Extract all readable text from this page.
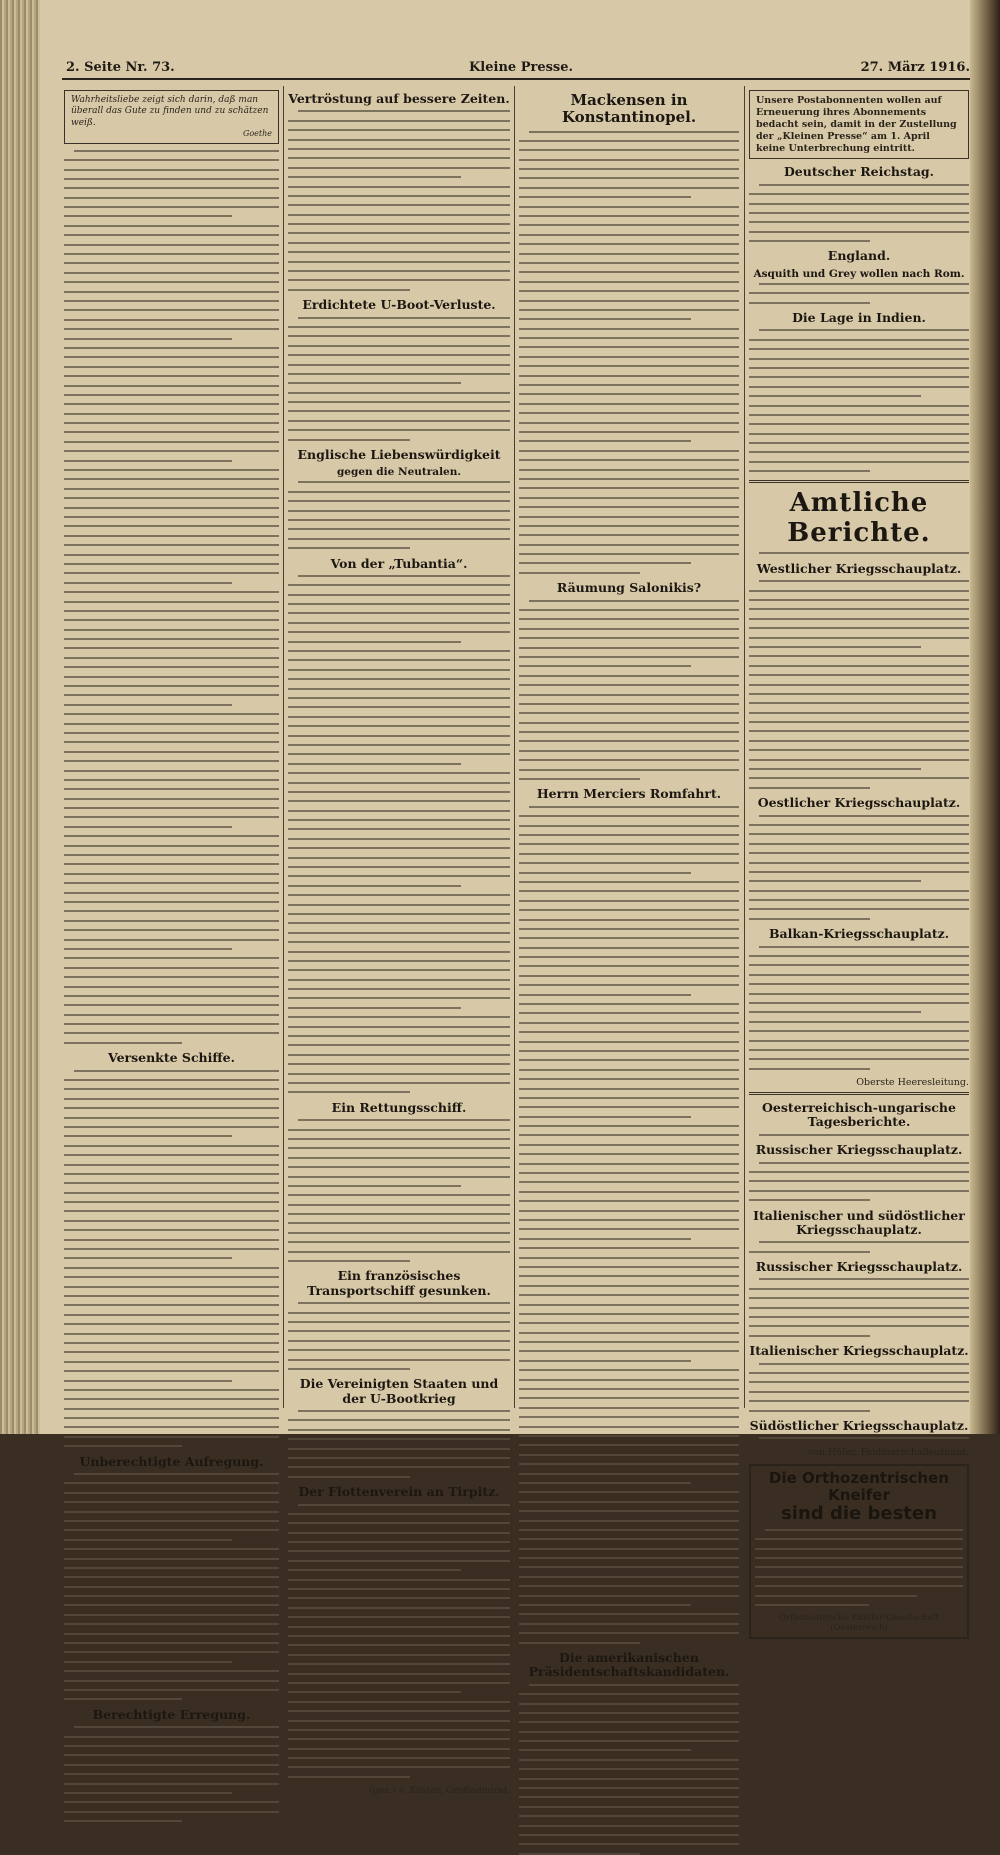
2. Seite Nr. 73.	Kleine Presse.	27. März 1916.
Wahrheitsliebe zeigt sich darin, daß man überall das Gute zu finden und zu schätzen weiß.
Goethe
Versenkte Schiffe.
Unberechtigte Aufregung.
Berechtigte Erregung.
Vertröstung auf bessere Zeiten.
Erdichtete U-Boot-Verluste.
Englische Liebenswürdigkeit
gegen die Neutralen.
Von der „Tubantia“.
Ein Rettungsschiff.
Ein französisches Transportschiff gesunken.
Die Vereinigten Staaten und der U-Bootkrieg
Der Flottenverein an Tirpitz.
(gez.) v. Köster, Großadmiral.
Mackensen in Konstantinopel.
Räumung Salonikis?
Herrn Merciers Romfahrt.
Die amerikanischen Präsidentschaftskandidaten.
Unsere Postabonnenten wollen auf Erneuerung ihres Abonnements bedacht sein, damit in der Zustellung der „Kleinen Presse“ am 1. April keine Unterbrechung eintritt.
Deutscher Reichstag.
England.
Asquith und Grey wollen nach Rom.
Die Lage in Indien.
Amtliche Berichte.
Westlicher Kriegsschauplatz.
Oestlicher Kriegsschauplatz.
Balkan-Kriegsschauplatz.
Oberste Heeresleitung.
Oesterreichisch-ungarische Tagesberichte.
Russischer Kriegsschauplatz.
Italienischer und südöstlicher Kriegsschauplatz.
Russischer Kriegsschauplatz.
Italienischer Kriegsschauplatz.
Südöstlicher Kriegsschauplatz.
von Höfer, Feldmarschalleutnant.
Die Orthozentrischen Kneifer
sind die besten
Orthozentrische Kneifer-Gesellschaft (Oesterreich)
